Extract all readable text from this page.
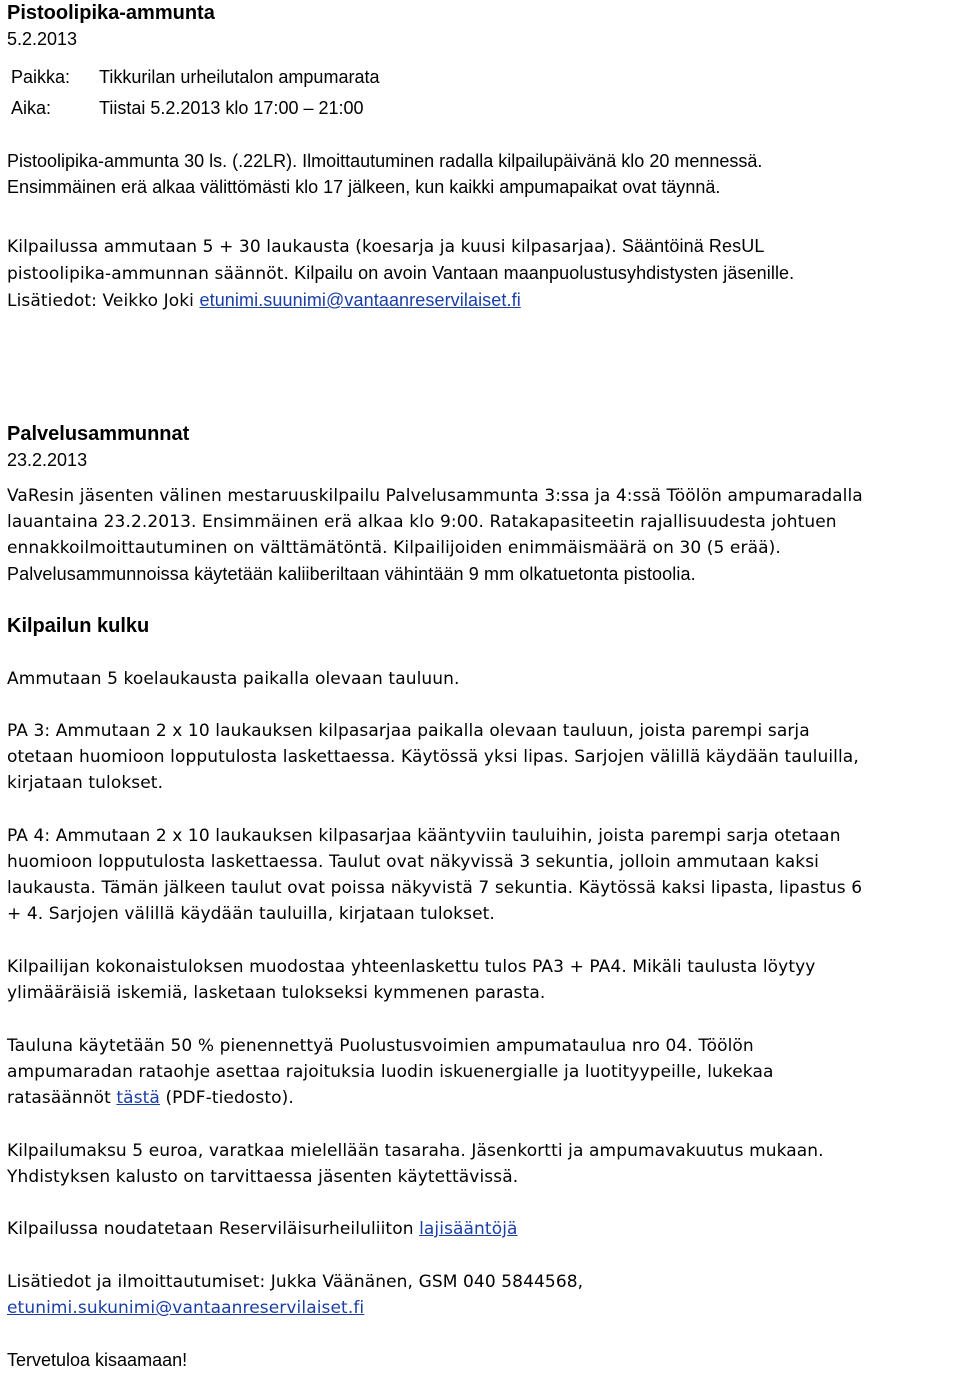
Pistoolipika-ammunta
5.2.2013
Paikka: Tikkurilan urheilutalon ampumarata
Aika:	Tiistai 5.2.2013 klo 17:00 – 21:00
Pistoolipika-ammunta 30 ls. (.22LR). Ilmoittautuminen radalla kilpailupäivänä klo 20 mennessä.
Ensimmäinen erä alkaa välittömästi klo 17 jälkeen, kun kaikki ampumapaikat ovat täynnä.
Kilpailussa ammutaan 5 + 30 laukausta (koesarja ja kuusi kilpasarjaa). Sääntöinä ResUL
pistoolipika-ammunnan säännöt. Kilpailu on avoin Vantaan maanpuolustusyhdistysten jäsenille.
Lisätiedot: Veikko Joki etunimi.suunimi@vantaanreservilaiset.fi
Palvelusammunnat
23.2.2013
VaResin jäsenten välinen mestaruuskilpailu Palvelusammunta 3:ssa ja 4:ssä Töölön ampumaradalla
lauantaina 23.2.2013. Ensimmäinen erä alkaa klo 9:00. Ratakapasiteetin rajallisuudesta johtuen
ennakkoilmoittautuminen on välttämätöntä. Kilpailijoiden enimmäismäärä on 30 (5 erää).
Palvelusammunnoissa käytetään kaliiberiltaan vähintään 9 mm olkatuetonta pistoolia.
Kilpailun kulku
Ammutaan 5 koelaukausta paikalla olevaan tauluun.
PA 3: Ammutaan 2 x 10 laukauksen kilpasarjaa paikalla olevaan tauluun, joista parempi sarja
otetaan huomioon lopputulosta laskettaessa. Käytössä yksi lipas. Sarjojen välillä käydään tauluilla,
kirjataan tulokset.
PA 4: Ammutaan 2 x 10 laukauksen kilpasarjaa kääntyviin tauluihin, joista parempi sarja otetaan
huomioon lopputulosta laskettaessa. Taulut ovat näkyvissä 3 sekuntia, jolloin ammutaan kaksi
laukausta. Tämän jälkeen taulut ovat poissa näkyvistä 7 sekuntia. Käytössä kaksi lipasta, lipastus 6
+ 4. Sarjojen välillä käydään tauluilla, kirjataan tulokset.
Kilpailijan kokonaistuloksen muodostaa yhteenlaskettu tulos PA3 + PA4. Mikäli taulusta löytyy
ylimääräisiä iskemiä, lasketaan tulokseksi kymmenen parasta.
Tauluna käytetään 50 % pienennettyä Puolustusvoimien ampumataulua nro 04. Töölön
ampumaradan rataohje asettaa rajoituksia luodin iskuenergialle ja luotityypeille, lukekaa
ratasäännöt tästä (PDF-tiedosto).
Kilpailumaksu 5 euroa, varatkaa mielellään tasaraha. Jäsenkortti ja ampumavakuutus mukaan.
Yhdistyksen kalusto on tarvittaessa jäsenten käytettävissä.
Kilpailussa noudatetaan Reserviläisurheiluliiton lajisääntöjä
Lisätiedot ja ilmoittautumiset: Jukka Väänänen, GSM 040 5844568,
etunimi.sukunimi@vantaanreservilaiset.fi
Tervetuloa kisaamaan!
